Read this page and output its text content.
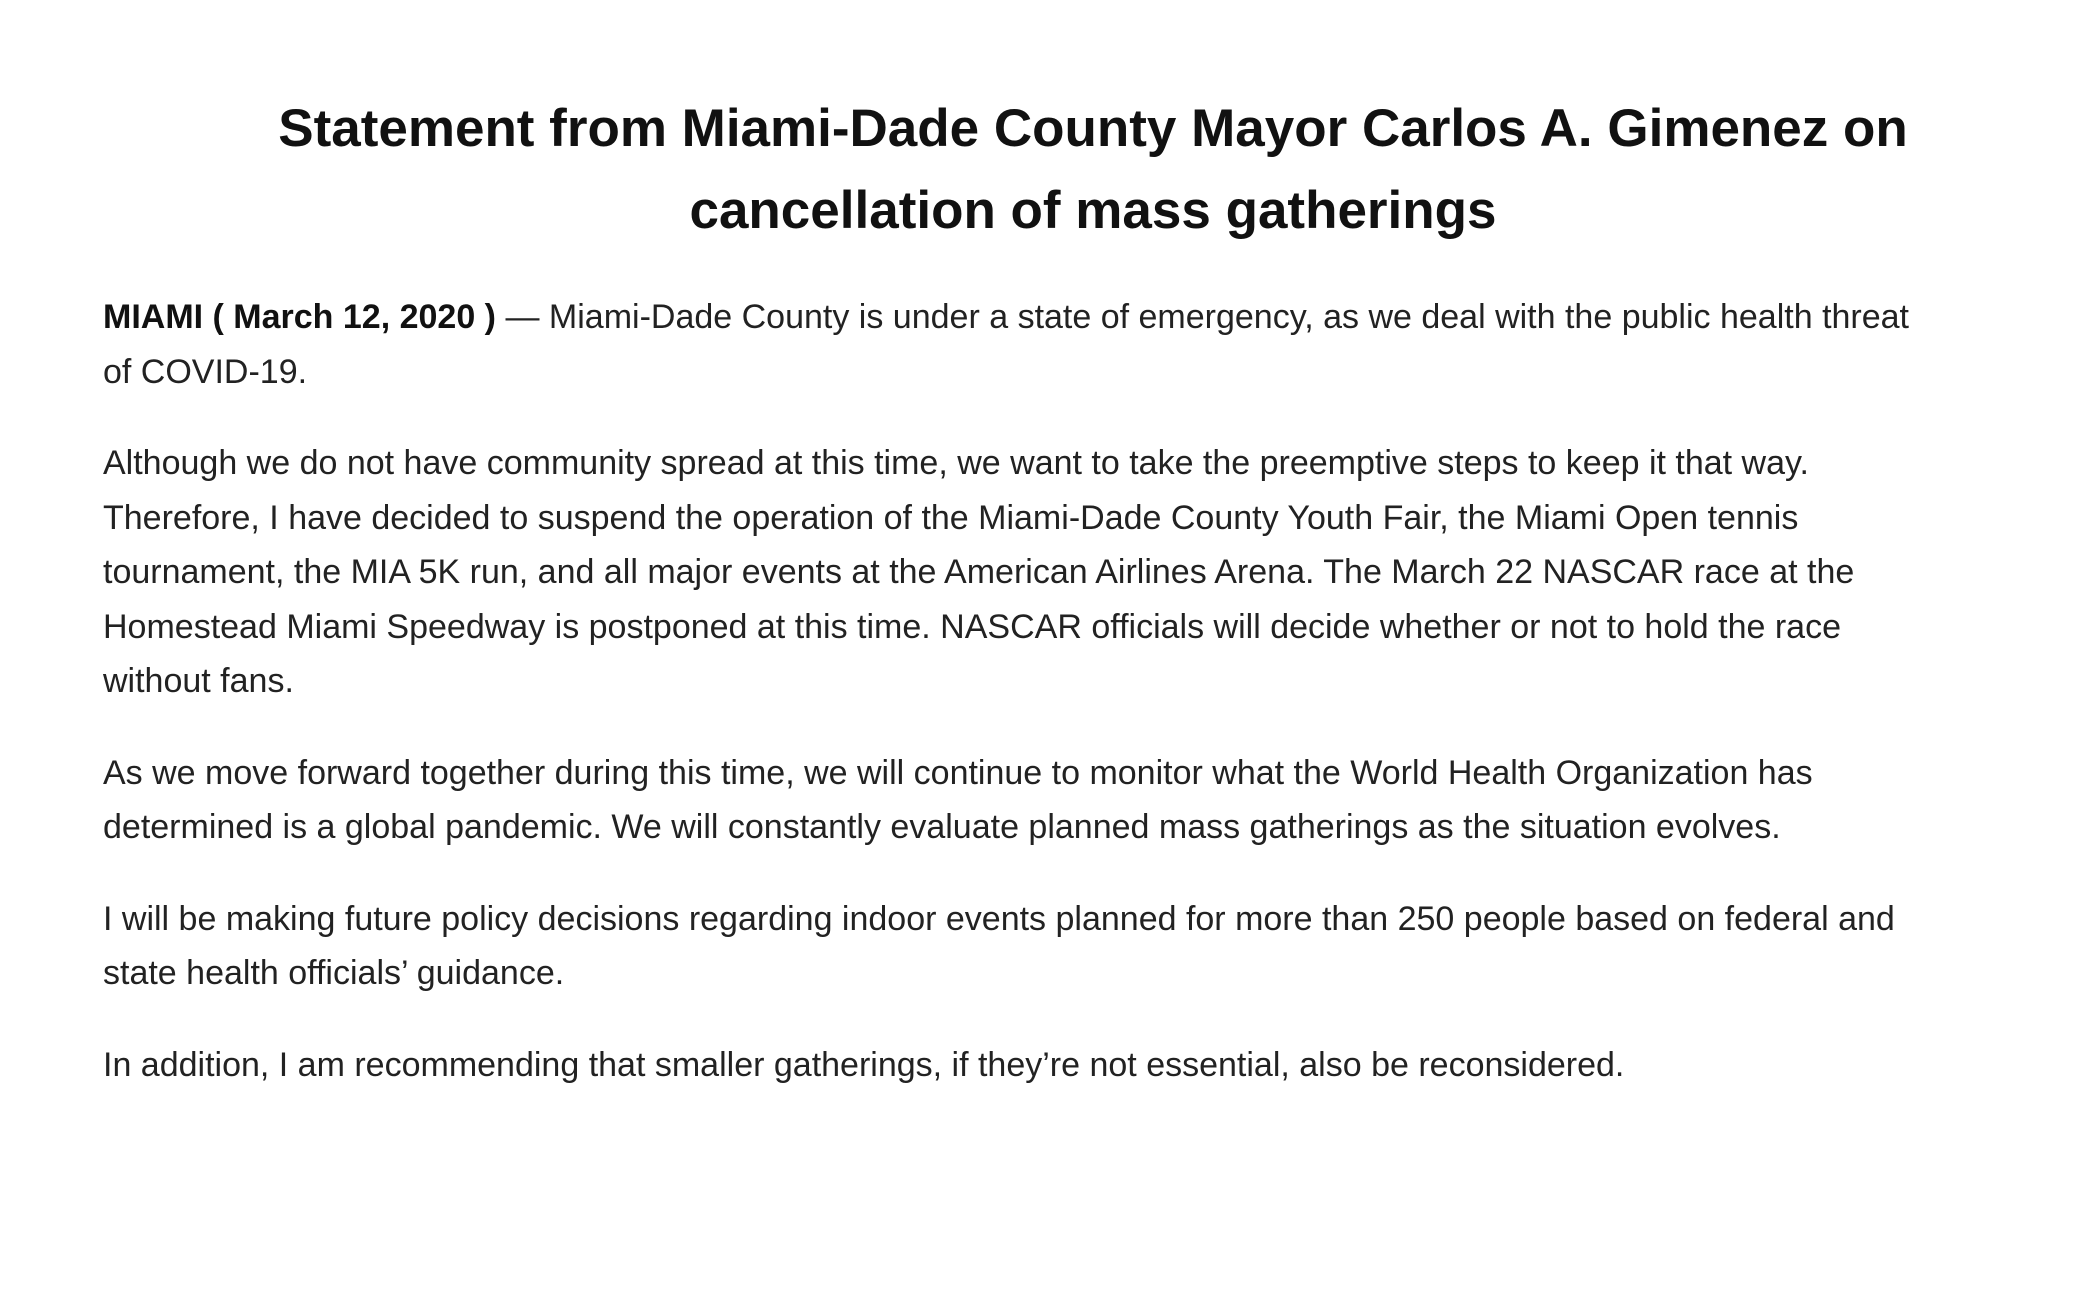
Statement from Miami-Dade County Mayor Carlos A. Gimenez on
cancellation of mass gatherings

MIAMI ( March 12, 2020 ) — Miami-Dade County is under a state of emergency, as we deal with the public health threat
of COVID-19.

Although we do not have community spread at this time, we want to take the preemptive steps to keep it that way.
Therefore, I have decided to suspend the operation of the Miami-Dade County Youth Fair, the Miami Open tennis
tournament, the MIA 5K run, and all major events at the American Airlines Arena. The March 22 NASCAR race at the
Homestead Miami Speedway is postponed at this time. NASCAR officials will decide whether or not to hold the race
without fans.

As we move forward together during this time, we will continue to monitor what the World Health Organization has
determined is a global pandemic. We will constantly evaluate planned mass gatherings as the situation evolves.

I will be making future policy decisions regarding indoor events planned for more than 250 people based on federal and
state health officials’ guidance.

In addition, I am recommending that smaller gatherings, if they’re not essential, also be reconsidered.
